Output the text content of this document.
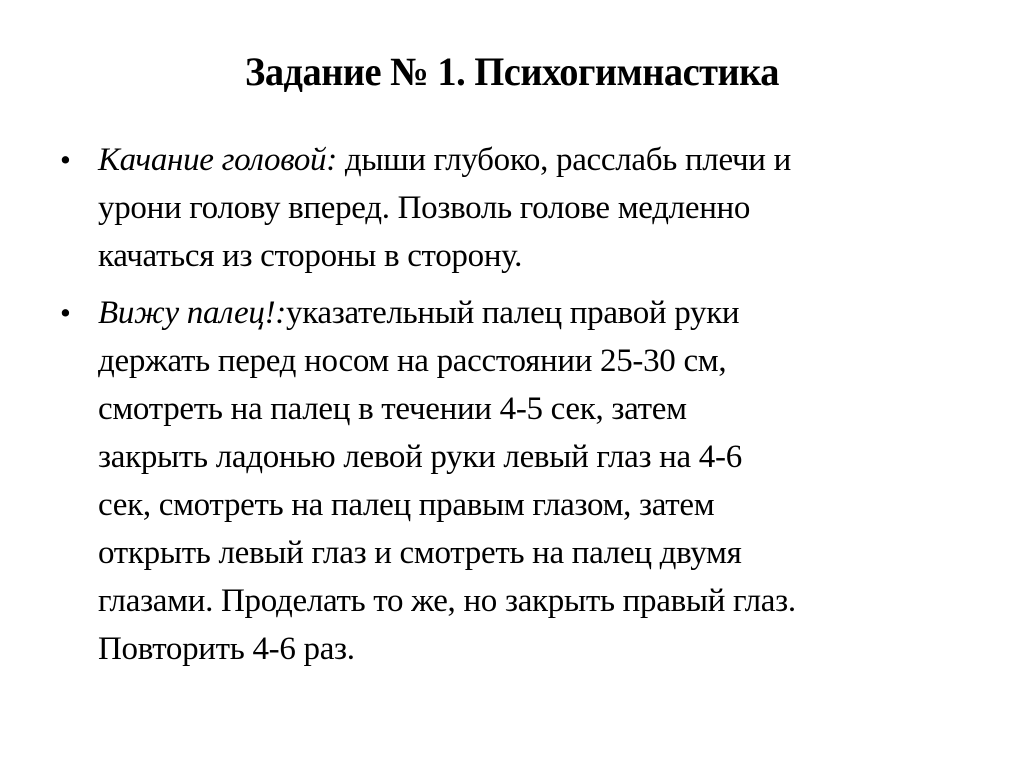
Задание № 1. Психогимнастика
• Качание головой: дыши глубоко, расслабь плечи и
урони голову вперед. Позволь голове медленно
качаться из стороны в сторону.
• Вижу палец!:указательный палец правой руки
держать перед носом на расстоянии 25-30 см,
смотреть на палец в течении 4-5 сек, затем
закрыть ладонью левой руки левый глаз на 4-6
сек, смотреть на палец правым глазом, затем
открыть левый глаз и смотреть на палец двумя
глазами. Проделать то же, но закрыть правый глаз.
Повторить 4-6 раз.
